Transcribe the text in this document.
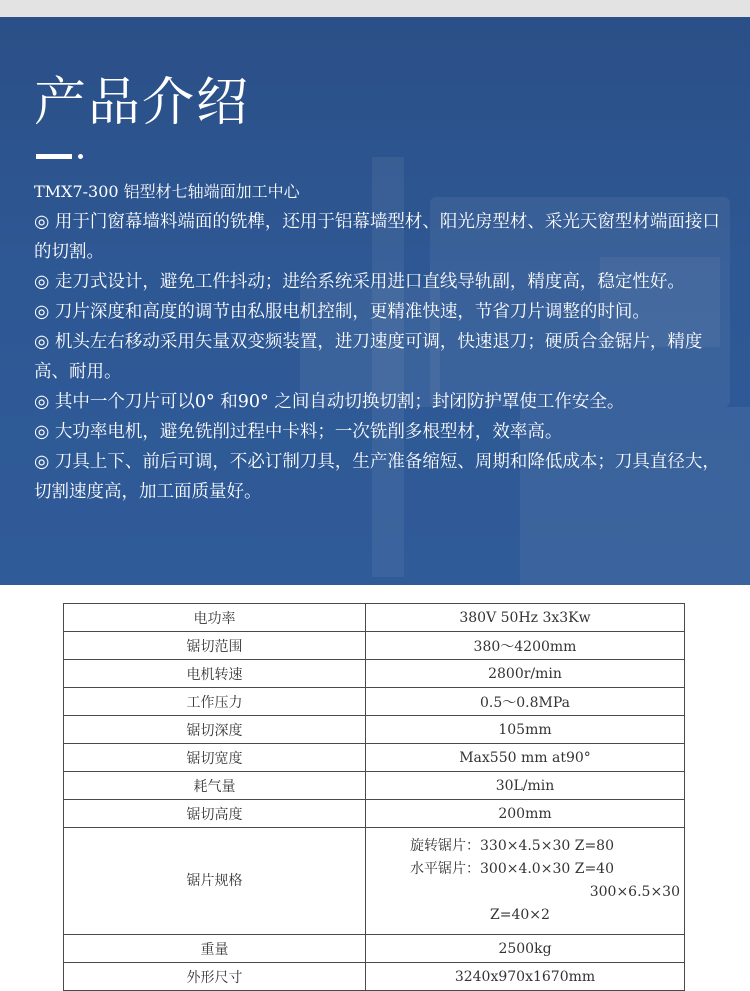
产品介绍

TMX7-300 铝型材七轴端面加工中心

◎ 用于门窗幕墙料端面的铣榫，还用于铝幕墙型材、阳光房型材、采光天窗型材端面接口的切割。

◎ 走刀式设计，避免工件抖动；进给系统采用进口直线导轨副，精度高，稳定性好。

◎ 刀片深度和高度的调节由私服电机控制，更精准快速，节省刀片调整的时间。

◎ 机头左右移动采用矢量双变频装置，进刀速度可调，快速退刀；硬质合金锯片，精度高、耐用。

◎ 其中一个刀片可以0° 和90° 之间自动切换切割；封闭防护罩使工作安全。

◎ 大功率电机，避免铣削过程中卡料；一次铣削多根型材，效率高。

◎ 刀具上下、前后可调，不必订制刀具，生产准备缩短、周期和降低成本；刀具直径大，切割速度高，加工面质量好。

电功率	380V 50Hz 3x3Kw
锯切范围	380～4200mm
电机转速	2800r/min
工作压力	0.5～0.8MPa
锯切深度	105mm
锯切宽度	Max550 mm at90°
耗气量	30L/min
锯切高度	200mm
锯片规格	旋转锯片：330×4.5×30 Z=80
水平锯片：300×4.0×30 Z=40
300×6.5×30
Z=40×2

重量	2500kg
外形尺寸	3240x970x1670mm
